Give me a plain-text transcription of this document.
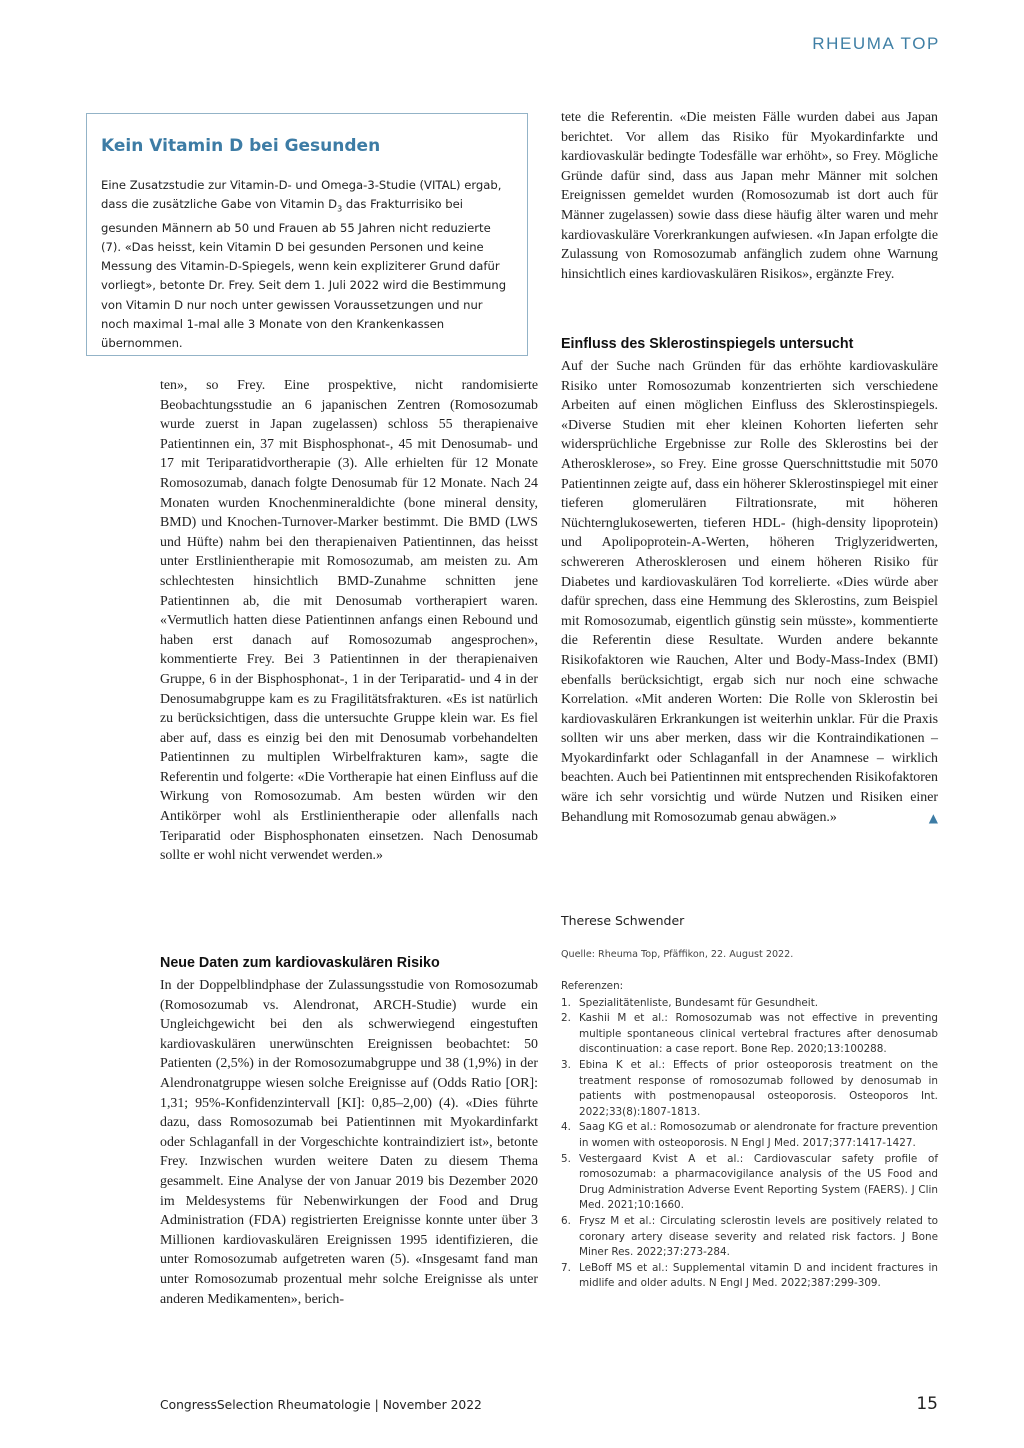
RHEUMA TOP
Kein Vitamin D bei Gesunden

Eine Zusatzstudie zur Vitamin-D- und Omega-3-Studie (VITAL) ergab, dass die zusätzliche Gabe von Vitamin $D_3$ das Frakturrisiko bei gesunden Männern ab 50 und Frauen ab 55 Jahren nicht reduzierte (7). «Das heisst, kein Vitamin D bei gesunden Personen und keine Messung des Vitamin-D-Spiegels, wenn kein expliziterer Grund dafür vorliegt», betonte Dr. Frey. Seit dem 1. Juli 2022 wird die Bestimmung von Vitamin D nur noch unter gewissen Voraussetzungen und nur noch maximal 1-mal alle 3 Monate von den Krankenkassen übernommen.

ten», so Frey. Eine prospektive, nicht randomisierte Beobachtungsstudie an 6 japanischen Zentren (Romosozumab wurde zuerst in Japan zugelassen) schloss 55 therapienaive Patientinnen ein, 37 mit Bisphosphonat-, 45 mit Denosumab- und 17 mit Teriparatidvortherapie (3). Alle erhielten für 12 Monate Romosozumab, danach folgte Denosumab für 12 Monate. Nach 24 Monaten wurden Knochenmineraldichte (bone mineral density, BMD) und Knochen-Turnover-Marker bestimmt. Die BMD (LWS und Hüfte) nahm bei den therapienaiven Patientinnen, das heisst unter Erstlinientherapie mit Romosozumab, am meisten zu. Am schlechtesten hinsichtlich BMD-Zunahme schnitten jene Patientinnen ab, die mit Denosumab vortherapiert waren. «Vermutlich hatten diese Patientinnen anfangs einen Rebound und haben erst danach auf Romosozumab angesprochen», kommentierte Frey. Bei 3 Patientinnen in der therapienaiven Gruppe, 6 in der Bisphosphonat-, 1 in der Teriparatid- und 4 in der Denosumabgruppe kam es zu Fragilitätsfrakturen. «Es ist natürlich zu berücksichtigen, dass die untersuchte Gruppe klein war. Es fiel aber auf, dass es einzig bei den mit Denosumab vorbehandelten Patientinnen zu multiplen Wirbelfrakturen kam», sagte die Referentin und folgerte: «Die Vortherapie hat einen Einfluss auf die Wirkung von Romosozumab. Am besten würden wir den Antikörper wohl als Erstlinientherapie oder allenfalls nach Teriparatid oder Bisphosphonaten einsetzen. Nach Denosumab sollte er wohl nicht verwendet werden.»

Neue Daten zum kardiovaskulären Risiko

In der Doppelblindphase der Zulassungsstudie von Romosozumab (Romosozumab vs. Alendronat, ARCH-Studie) wurde ein Ungleichgewicht bei den als schwerwiegend eingestuften kardiovaskulären unerwünschten Ereignissen beobachtet: 50 Patienten (2,5%) in der Romosozumabgruppe und 38 (1,9%) in der Alendronatgruppe wiesen solche Ereignisse auf (Odds Ratio [OR]: 1,31; 95%-Konfidenzintervall [KI]: 0,85–2,00) (4). «Dies führte dazu, dass Romosozumab bei Patientinnen mit Myokardinfarkt oder Schlaganfall in der Vorgeschichte kontraindiziert ist», betonte Frey. Inzwischen wurden weitere Daten zu diesem Thema gesammelt. Eine Analyse der von Januar 2019 bis Dezember 2020 im Meldesystems für Nebenwirkungen der Food and Drug Administration (FDA) registrierten Ereignisse konnte unter über 3 Millionen kardiovaskulären Ereignissen 1995 identifizieren, die unter Romosozumab aufgetreten waren (5). «Insgesamt fand man unter Romosozumab prozentual mehr solche Ereignisse als unter anderen Medikamenten», berich-

tete die Referentin. «Die meisten Fälle wurden dabei aus Japan berichtet. Vor allem das Risiko für Myokardinfarkte und kardiovaskulär bedingte Todesfälle war erhöht», so Frey. Mögliche Gründe dafür sind, dass aus Japan mehr Männer mit solchen Ereignissen gemeldet wurden (Romosozumab ist dort auch für Männer zugelassen) sowie dass diese häufig älter waren und mehr kardiovaskuläre Vorerkrankungen aufwiesen. «In Japan erfolgte die Zulassung von Romosozumab anfänglich zudem ohne Warnung hinsichtlich eines kardiovaskulären Risikos», ergänzte Frey.

Einfluss des Sklerostinspiegels untersucht

Auf der Suche nach Gründen für das erhöhte kardiovaskuläre Risiko unter Romosozumab konzentrierten sich verschiedene Arbeiten auf einen möglichen Einfluss des Sklerostinspiegels. «Diverse Studien mit eher kleinen Kohorten lieferten sehr widersprüchliche Ergebnisse zur Rolle des Sklerostins bei der Atherosklerose», so Frey. Eine grosse Querschnittstudie mit 5070 Patientinnen zeigte auf, dass ein höherer Sklerostinspiegel mit einer tieferen glomerulären Filtrationsrate, mit höheren Nüchternglukosewerten, tieferen HDL- (high-density lipoprotein) und Apolipoprotein-A-Werten, höheren Triglyzeridwerten, schwereren Atherosklerosen und einem höheren Risiko für Diabetes und kardiovaskulären Tod korrelierte. «Dies würde aber dafür sprechen, dass eine Hemmung des Sklerostins, zum Beispiel mit Romosozumab, eigentlich günstig sein müsste», kommentierte die Referentin diese Resultate. Wurden andere bekannte Risikofaktoren wie Rauchen, Alter und Body-Mass-Index (BMI) ebenfalls berücksichtigt, ergab sich nur noch eine schwache Korrelation. «Mit anderen Worten: Die Rolle von Sklerostin bei kardiovaskulären Erkrankungen ist weiterhin unklar. Für die Praxis sollten wir uns aber merken, dass wir die Kontraindikationen – Myokardinfarkt oder Schlaganfall in der Anamnese – wirklich beachten. Auch bei Patientinnen mit entsprechenden Risikofaktoren wäre ich sehr vorsichtig und würde Nutzen und Risiken einer Behandlung mit Romosozumab genau abwägen.»	▲

Therese Schwender
Quelle: Rheuma Top, Pfäffikon, 22. August 2022.
Referenzen:
1. Spezialitätenliste, Bundesamt für Gesundheit.
2. Kashii M et al.: Romosozumab was not effective in preventing multiple spontaneous clinical vertebral fractures after denosumab discontinuation: a case report. Bone Rep. 2020;13:100288.
3. Ebina K et al.: Effects of prior osteoporosis treatment on the treatment response of romosozumab followed by denosumab in patients with postmenopausal osteoporosis. Osteoporos Int. 2022;33(8):1807-1813.
4. Saag KG et al.: Romosozumab or alendronate for fracture prevention in women with osteoporosis. N Engl J Med. 2017;377:1417-1427.
5. Vestergaard Kvist A et al.: Cardiovascular safety profile of romosozumab: a pharmacovigilance analysis of the US Food and Drug Administration Adverse Event Reporting System (FAERS). J Clin Med. 2021;10:1660.
6. Frysz M et al.: Circulating sclerostin levels are positively related to coronary artery disease severity and related risk factors. J Bone Miner Res. 2022;37:273-284.
7. LeBoff MS et al.: Supplemental vitamin D and incident fractures in midlife and older adults. N Engl J Med. 2022;387:299-309.
CongressSelection Rheumatologie | November 2022	15
